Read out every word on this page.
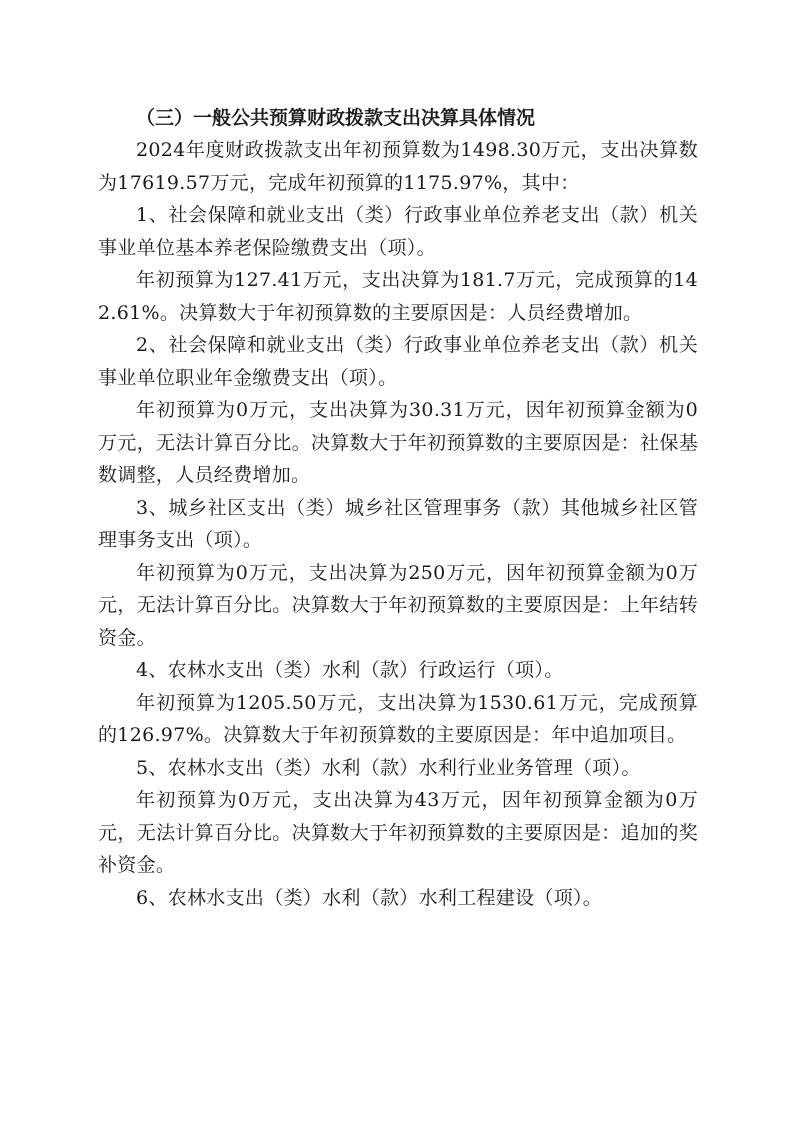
（三）一般公共预算财政拨款支出决算具体情况

2024年度财政拨款支出年初预算数为1498.30万元，支出决算数为17619.57万元，完成年初预算的1175.97%，其中：

1、社会保障和就业支出（类）行政事业单位养老支出（款）机关事业单位基本养老保险缴费支出（项）。

年初预算为127.41万元，支出决算为181.7万元，完成预算的142.61%。决算数大于年初预算数的主要原因是：人员经费增加。

2、社会保障和就业支出（类）行政事业单位养老支出（款）机关事业单位职业年金缴费支出（项）。

年初预算为0万元，支出决算为30.31万元，因年初预算金额为0万元，无法计算百分比。决算数大于年初预算数的主要原因是：社保基数调整，人员经费增加。

3、城乡社区支出（类）城乡社区管理事务（款）其他城乡社区管理事务支出（项）。

年初预算为0万元，支出决算为250万元，因年初预算金额为0万元，无法计算百分比。决算数大于年初预算数的主要原因是：上年结转资金。

4、农林水支出（类）水利（款）行政运行（项）。

年初预算为1205.50万元，支出决算为1530.61万元，完成预算的126.97%。决算数大于年初预算数的主要原因是：年中追加项目。

5、农林水支出（类）水利（款）水利行业业务管理（项）。

年初预算为0万元，支出决算为43万元，因年初预算金额为0万元，无法计算百分比。决算数大于年初预算数的主要原因是：追加的奖补资金。

6、农林水支出（类）水利（款）水利工程建设（项）。
